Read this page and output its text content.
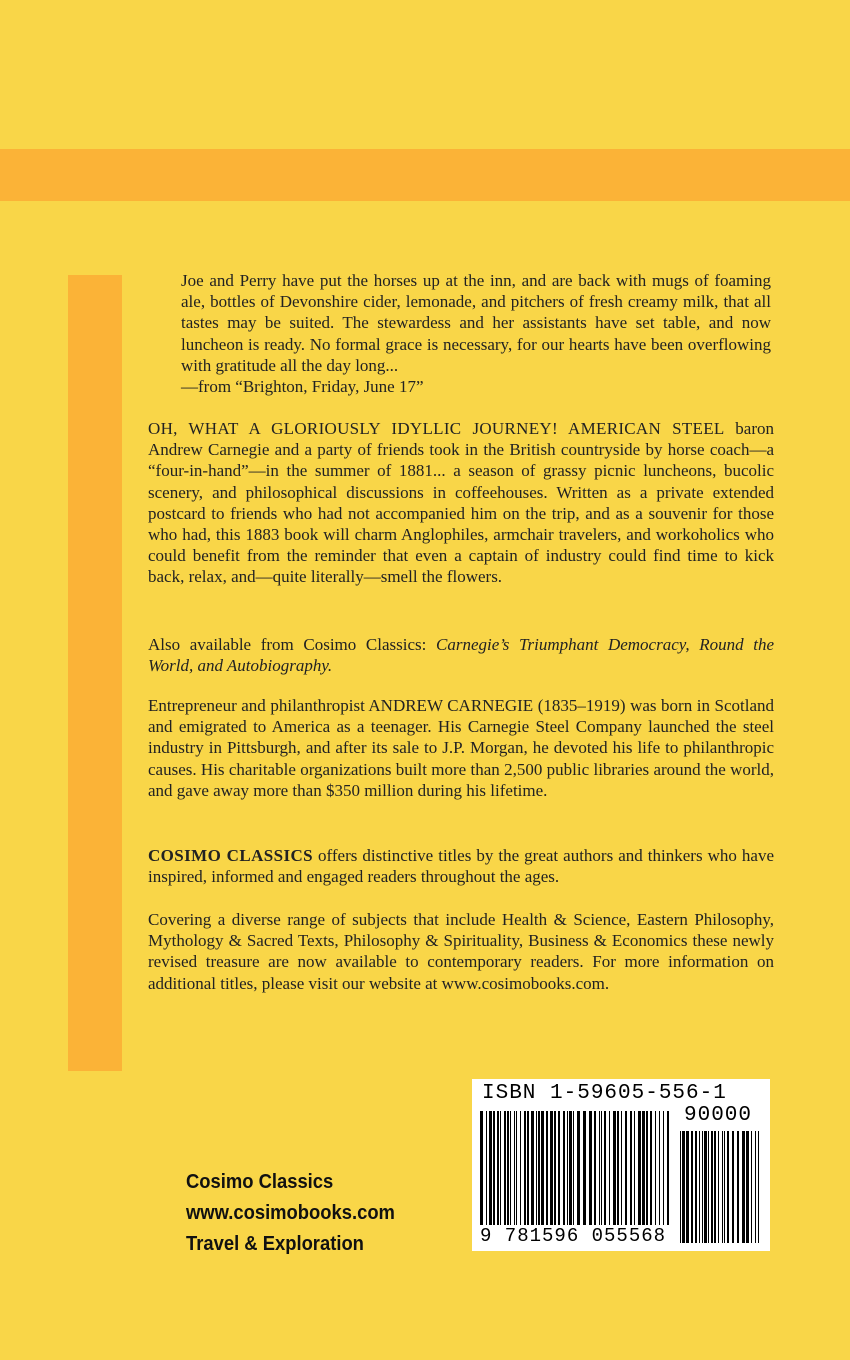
Joe and Perry have put the horses up at the inn, and are back with mugs of foaming ale, bottles of Devonshire cider, lemonade, and pitchers of fresh creamy milk, that all tastes may be suited. The stewardess and her assistants have set table, and now luncheon is ready. No formal grace is necessary, for our hearts have been overflowing with gratitude all the day long...
—from “Brighton, Friday, June 17”
OH, WHAT A GLORIOUSLY IDYLLIC JOURNEY! AMERICAN STEEL baron Andrew Carnegie and a party of friends took in the British countryside by horse coach—a “four-in-hand”—in the summer of 1881... a season of grassy picnic luncheons, bucolic scenery, and philosophical discussions in coffeehouses. Written as a private extended postcard to friends who had not accompanied him on the trip, and as a souvenir for those who had, this 1883 book will charm Anglophiles, armchair travelers, and workoholics who could benefit from the reminder that even a captain of industry could find time to kick back, relax, and—quite literally—smell the flowers.
Also available from Cosimo Classics: Carnegie’s Triumphant Democracy, Round the World, and Autobiography.
Entrepreneur and philanthropist ANDREW CARNEGIE (1835–1919) was born in Scotland and emigrated to America as a teenager. His Carnegie Steel Company launched the steel industry in Pittsburgh, and after its sale to J.P. Morgan, he devoted his life to philanthropic causes. His charitable organizations built more than 2,500 public libraries around the world, and gave away more than $350 million during his lifetime.
COSIMO CLASSICS offers distinctive titles by the great authors and thinkers who have inspired, informed and engaged readers throughout the ages.
Covering a diverse range of subjects that include Health & Science, Eastern Philosophy, Mythology & Sacred Texts, Philosophy & Spirituality, Business & Economics these newly revised treasure are now available to contemporary readers. For more information on additional titles, please visit our website at www.cosimobooks.com.
Cosimo Classics
www.cosimobooks.com
Travel & Exploration
ISBN 1-59605-556-1
90000
9 781596 055568
